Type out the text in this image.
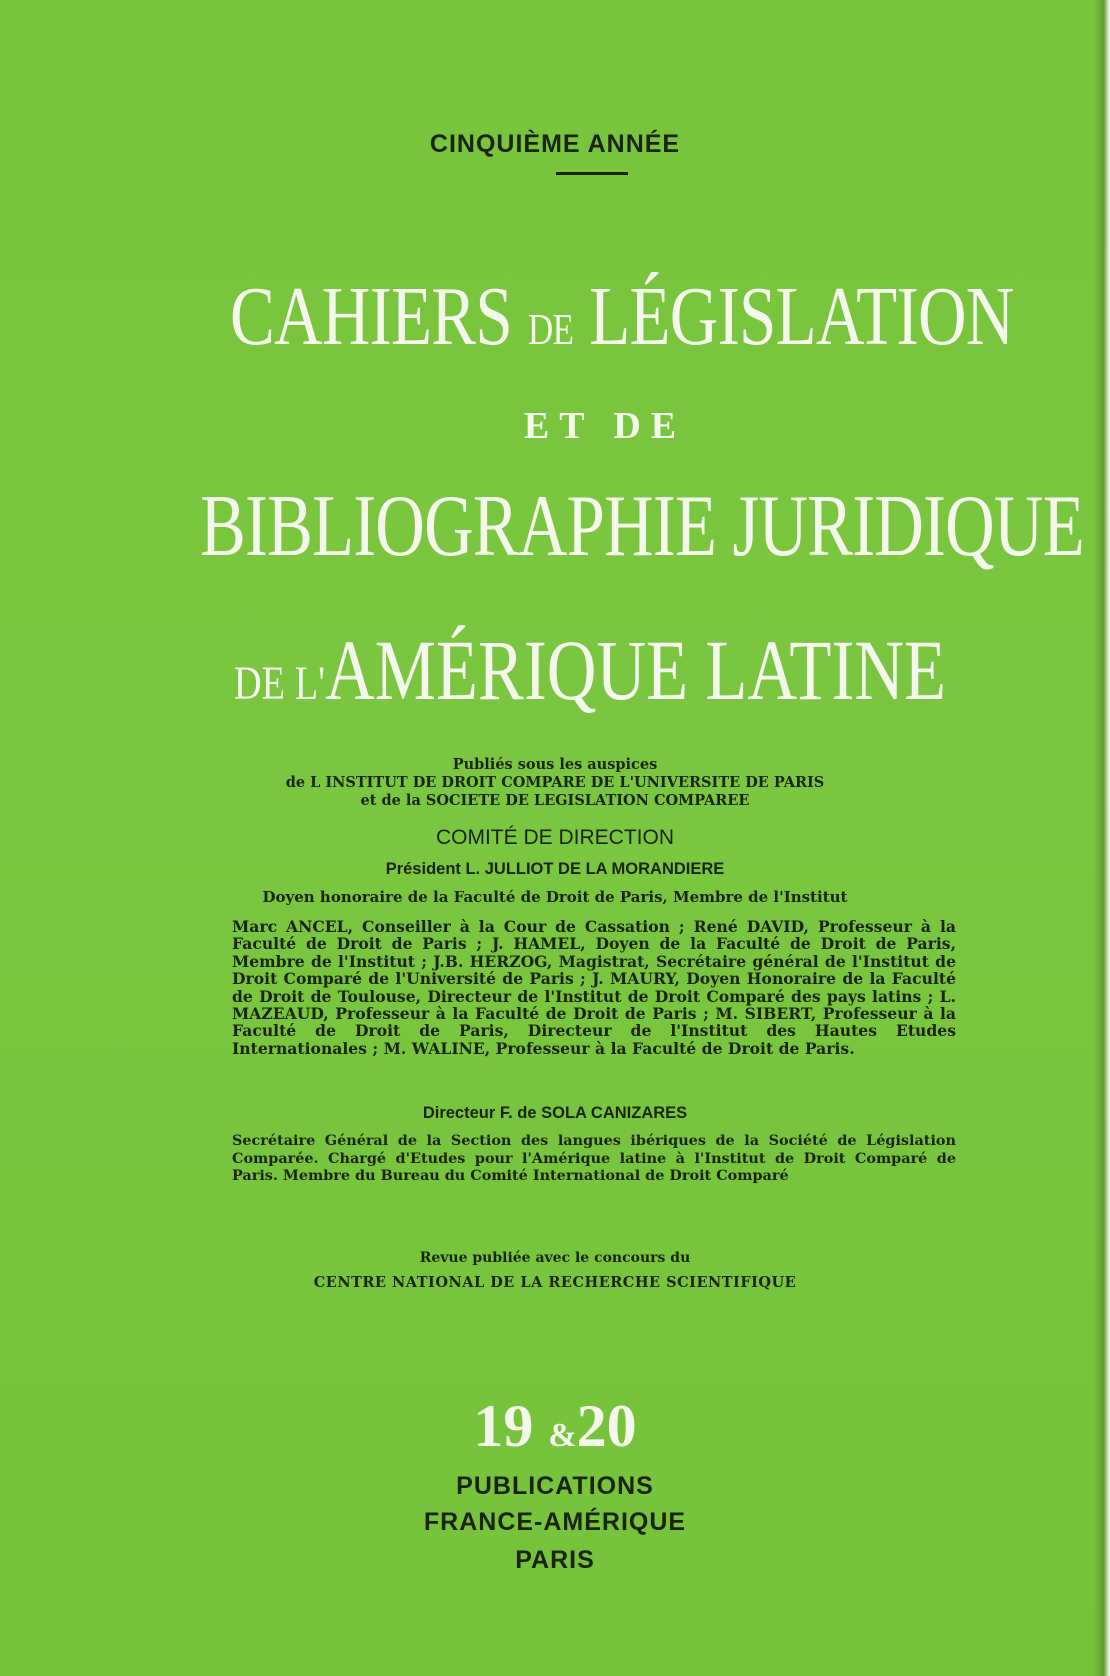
CINQUIÈME ANNÉE
CAHIERS DE LÉGISLATION
ET DE
BIBLIOGRAPHIE JURIDIQUE
DE L'AMÉRIQUE LATINE
Publiés sous les auspices
de L INSTITUT DE DROIT COMPARE DE L'UNIVERSITE DE PARIS
et de la SOCIETE DE LEGISLATION COMPAREE
COMITÉ DE DIRECTION
Président L. JULLIOT DE LA MORANDIERE
Doyen honoraire de la Faculté de Droit de Paris, Membre de l'Institut
Marc ANCEL, Conseiller à la Cour de Cassation ; René DAVID, Professeur à la Faculté de Droit de Paris ; J. HAMEL, Doyen de la Faculté de Droit de Paris, Membre de l'Institut ; J.B. HERZOG, Magistrat, Secrétaire général de l'Institut de Droit Comparé de l'Université de Paris ; J. MAURY, Doyen Honoraire de la Faculté de Droit de Toulouse, Directeur de l'Institut de Droit Comparé des pays latins ; L. MAZEAUD, Professeur à la Faculté de Droit de Paris ; M. SIBERT, Professeur à la Faculté de Droit de Paris, Directeur de l'Institut des Hautes Etudes Internationales ; M. WALINE, Professeur à la Faculté de Droit de Paris.
Directeur F. de SOLA CANIZARES
Secrétaire Général de la Section des langues ibériques de la Société de Législation Comparée. Chargé d'Etudes pour l'Amérique latine à l'Institut de Droit Comparé de Paris. Membre du Bureau du Comité International de Droit Comparé
Revue publiée avec le concours du
CENTRE NATIONAL DE LA RECHERCHE SCIENTIFIQUE
19 &20
PUBLICATIONS
FRANCE-AMÉRIQUE
PARIS
